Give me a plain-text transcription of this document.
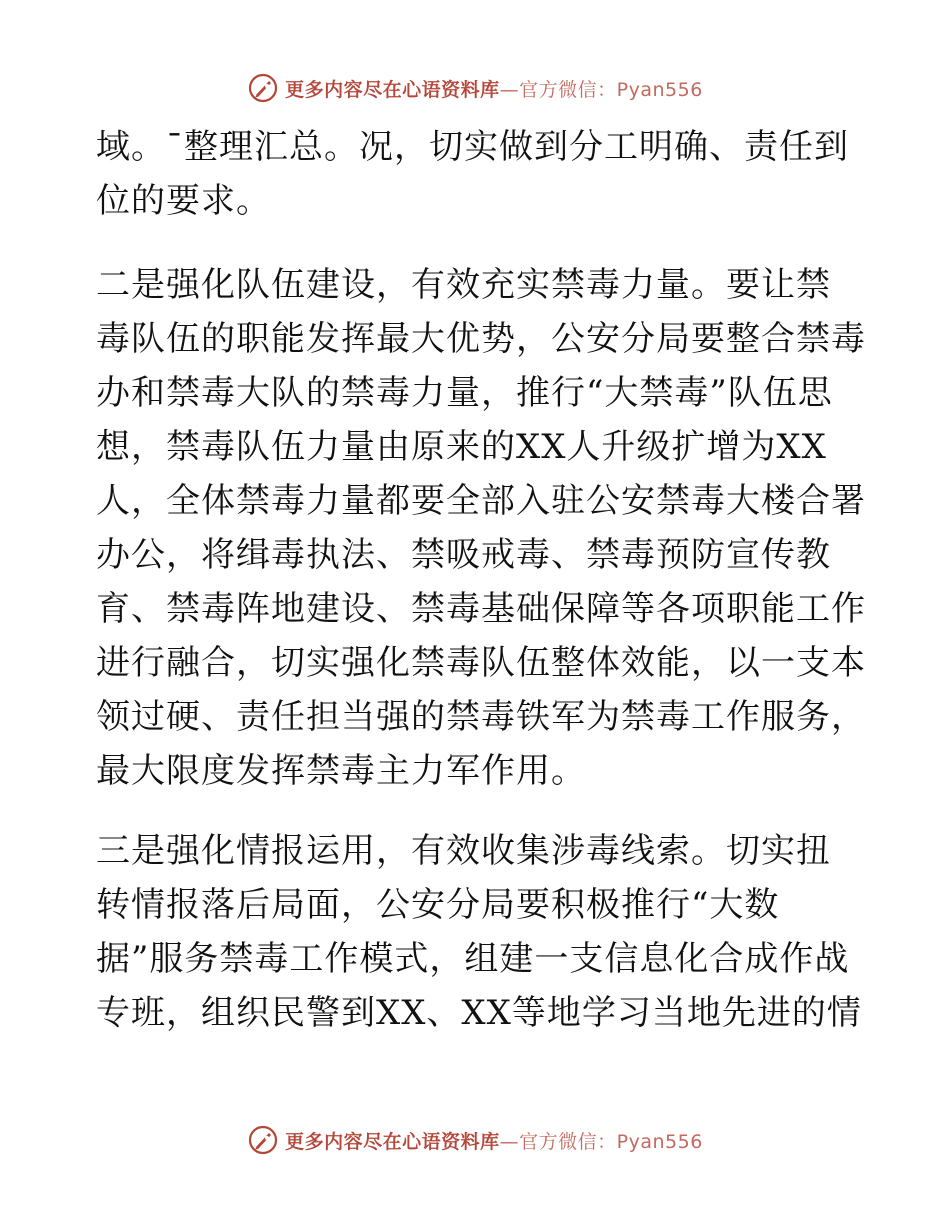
更多内容尽在心语资料库—官方微信：Pyan556
域。¯整理汇总。况，切实做到分工明确、责任到
位的要求。
二是强化队伍建设，有效充实禁毒力量。要让禁
毒队伍的职能发挥最大优势，公安分局要整合禁毒
办和禁毒大队的禁毒力量，推行“大禁毒”队伍思
想，禁毒队伍力量由原来的XX人升级扩增为XX
人，全体禁毒力量都要全部入驻公安禁毒大楼合署
办公，将缉毒执法、禁吸戒毒、禁毒预防宣传教
育、禁毒阵地建设、禁毒基础保障等各项职能工作
进行融合，切实强化禁毒队伍整体效能，以一支本
领过硬、责任担当强的禁毒铁军为禁毒工作服务，
最大限度发挥禁毒主力军作用。
三是强化情报运用，有效收集涉毒线索。切实扭
转情报落后局面，公安分局要积极推行“大数
据”服务禁毒工作模式，组建一支信息化合成作战
专班，组织民警到XX、XX等地学习当地先进的情
更多内容尽在心语资料库—官方微信：Pyan556
